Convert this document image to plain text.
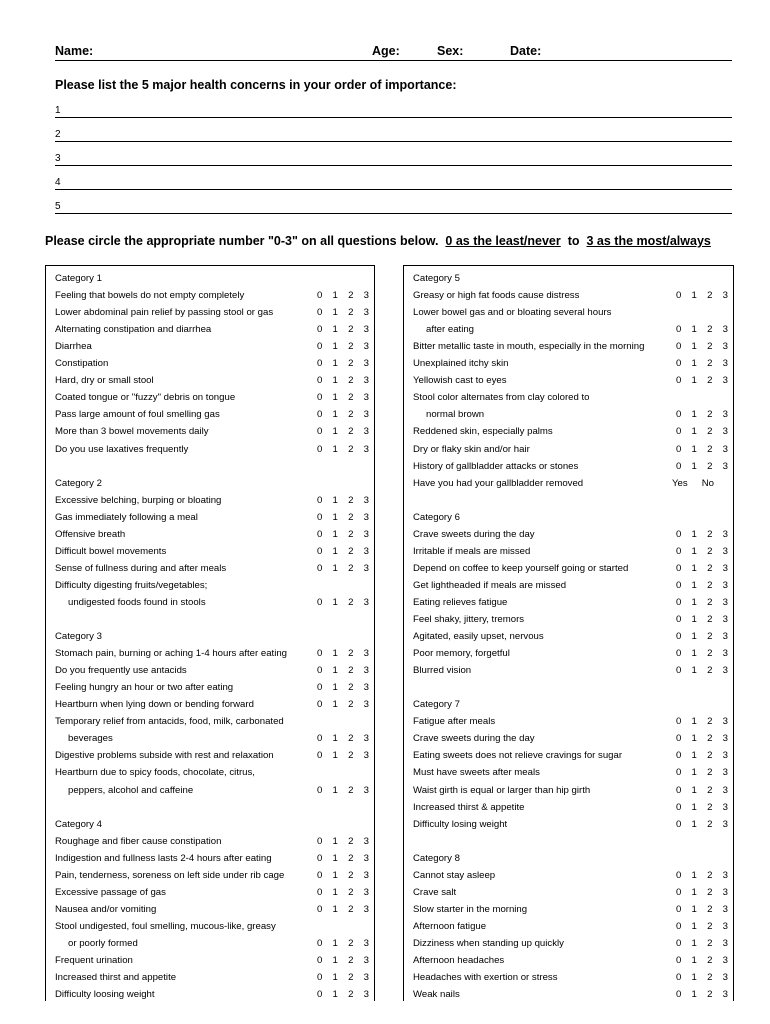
Name:	Age:	Sex:	Date:
Please list the 5 major health concerns in your order of importance:
1
2
3
4
5
Please circle the appropriate number "0-3" on all questions below. 0 as the least/never to 3 as the most/always
Category 1
Feeling that bowels do not empty completely	0 1 2 3
Lower abdominal pain relief by passing stool or gas	0 1 2 3
Alternating constipation and diarrhea	0 1 2 3
Diarrhea	0 1 2 3
Constipation	0 1 2 3
Hard, dry or small stool	0 1 2 3
Coated tongue or "fuzzy" debris on tongue	0 1 2 3
Pass large amount of foul smelling gas	0 1 2 3
More than 3 bowel movements daily	0 1 2 3
Do you use laxatives frequently	0 1 2 3
Category 2
Excessive belching, burping or bloating	0 1 2 3
Gas immediately following a meal	0 1 2 3
Offensive breath	0 1 2 3
Difficult bowel movements	0 1 2 3
Sense of fullness during and after meals	0 1 2 3
Difficulty digesting fruits/vegetables;
undigested foods found in stools	0 1 2 3
Category 3
Stomach pain, burning or aching 1-4 hours after eating	0 1 2 3
Do you frequently use antacids	0 1 2 3
Feeling hungry an hour or two after eating	0 1 2 3
Heartburn when lying down or bending forward	0 1 2 3
Temporary relief from antacids, food, milk, carbonated
beverages	0 1 2 3
Digestive problems subside with rest and relaxation	0 1 2 3
Heartburn due to spicy foods, chocolate, citrus,
peppers, alcohol and caffeine	0 1 2 3
Category 4
Roughage and fiber cause constipation	0 1 2 3
Indigestion and fullness lasts 2-4 hours after eating	0 1 2 3
Pain, tenderness, soreness on left side under rib cage	0 1 2 3
Excessive passage of gas	0 1 2 3
Nausea and/or vomiting	0 1 2 3
Stool undigested, foul smelling, mucous-like, greasy
or poorly formed	0 1 2 3
Frequent urination	0 1 2 3
Increased thirst and appetite	0 1 2 3
Difficulty loosing weight	0 1 2 3
Category 5
Greasy or high fat foods cause distress	0 1 2 3
Lower bowel gas and or bloating several hours
after eating	0 1 2 3
Bitter metallic taste in mouth, especially in the morning	0 1 2 3
Unexplained itchy skin	0 1 2 3
Yellowish cast to eyes	0 1 2 3
Stool color alternates from clay colored to
normal brown	0 1 2 3
Reddened skin, especially palms	0 1 2 3
Dry or flaky skin and/or hair	0 1 2 3
History of gallbladder attacks or stones	0 1 2 3
Have you had your gallbladder removed	Yes No
Category 6
Crave sweets during the day	0 1 2 3
Irritable if meals are missed	0 1 2 3
Depend on coffee to keep yourself going or started	0 1 2 3
Get lightheaded if meals are missed	0 1 2 3
Eating relieves fatigue	0 1 2 3
Feel shaky, jittery, tremors	0 1 2 3
Agitated, easily upset, nervous	0 1 2 3
Poor memory, forgetful	0 1 2 3
Blurred vision	0 1 2 3
Category 7
Fatigue after meals	0 1 2 3
Crave sweets during the day	0 1 2 3
Eating sweets does not relieve cravings for sugar	0 1 2 3
Must have sweets after meals	0 1 2 3
Waist girth is equal or larger than hip girth	0 1 2 3
Increased thirst & appetite	0 1 2 3
Difficulty losing weight	0 1 2 3
Category 8
Cannot stay asleep	0 1 2 3
Crave salt	0 1 2 3
Slow starter in the morning	0 1 2 3
Afternoon fatigue	0 1 2 3
Dizziness when standing up quickly	0 1 2 3
Afternoon headaches	0 1 2 3
Headaches with exertion or stress	0 1 2 3
Weak nails	0 1 2 3
